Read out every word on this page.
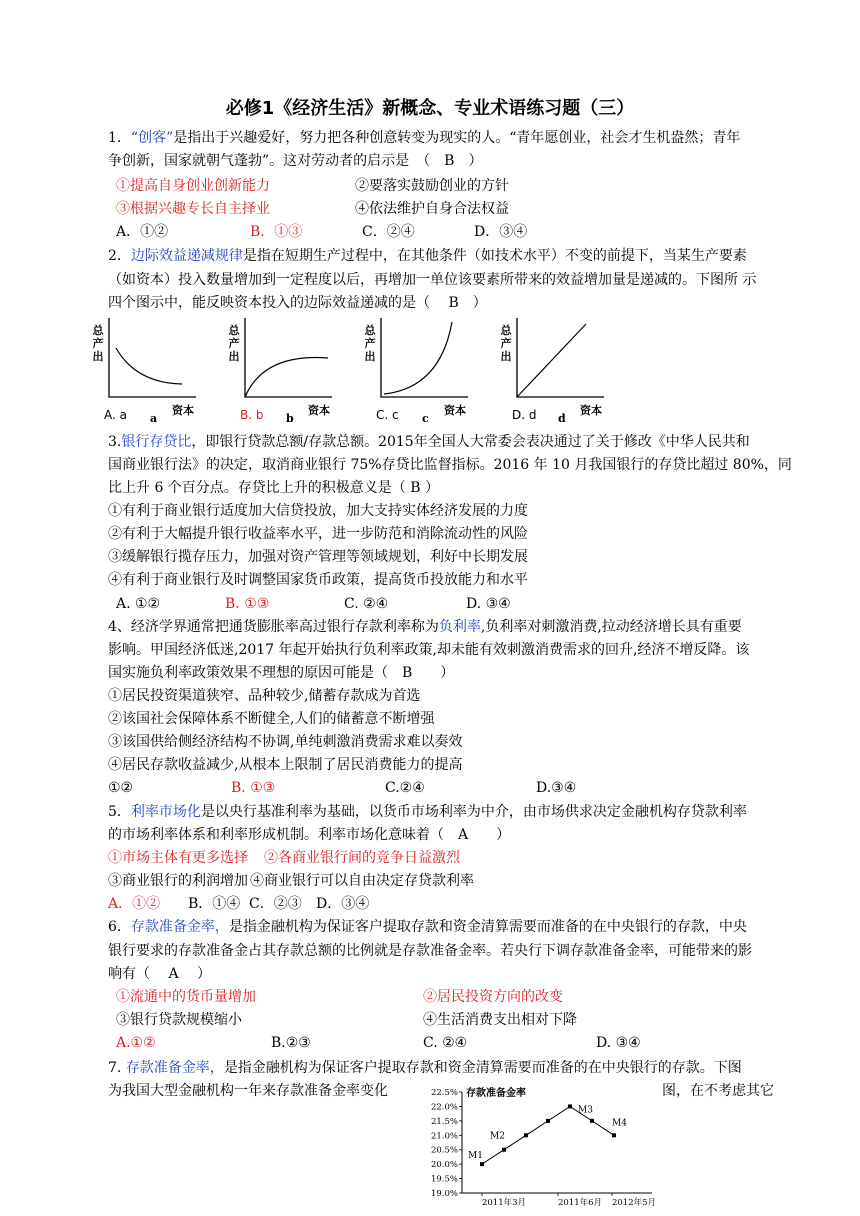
必修1《经济生活》新概念、专业术语练习题（三）
1．“创客”是指出于兴趣爱好，努力把各种创意转变为现实的人。“青年愿创业，社会才生机盎然；青年
争创新，国家就朝气蓬勃”。这对劳动者的启示是　（　B　）
①提高自身创业创新能力	②要落实鼓励创业的方针
③根据兴趣专长自主择业	④依法维护自身合法权益
A．①②	B．①③	C．②④	D．③④
2．边际效益递减规律是指在短期生产过程中，在其他条件（如技术水平）不变的前提下，当某生产要素
（如资本）投入数量增加到一定程度以后，再增加一单位该要素所带来的效益增加量是递减的。下图所 示
四个图示中，能反映资本投入的边际效益递减的是（　 B　）
总
产
出
资本
A. a a
总
产
出
资本
B. b b
总
产
出
资本
C. c c
总
产
出
资本
D. d d
3.银行存贷比，即银行贷款总额/存款总额。2015年全国人大常委会表决通过了关于修改《中华人民共和
国商业银行法》的决定，取消商业银行 75%存贷比监督指标。2016 年 10 月我国银行的存贷比超过 80%，同
比上升 6 个百分点。存贷比上升的积极意义是（ B ）
①有利于商业银行适度加大信贷投放，加大支持实体经济发展的力度
②有利于大幅提升银行收益率水平，进一步防范和消除流动性的风险
③缓解银行揽存压力，加强对资产管理等领域规划，利好中长期发展
④有利于商业银行及时调整国家货币政策，提高货币投放能力和水平
A. ①②	B. ①③	C. ②④	D. ③④
4、经济学界通常把通货膨胀率高过银行存款利率称为负利率,负利率对刺激消费,拉动经济增长具有重要
影响。甲国经济低迷,2017 年起开始执行负利率政策,却未能有效刺激消费需求的回升,经济不增反降。该
国实施负利率政策效果不理想的原因可能是（　B　　）
①居民投资渠道狭窄、品种较少,储蓄存款成为首选
②该国社会保障体系不断健全,人们的储蓄意不断增强
③该国供给侧经济结构不协调,单纯刺激消费需求难以奏效
④居民存款收益减少,从根本上限制了居民消费能力的提高
①②	B. ①③	C.②④	D.③④
5．利率市场化是以央行基准利率为基础，以货币市场利率为中介，由市场供求决定金融机构存贷款利率
的市场利率体系和利率形成机制。利率市场化意味着（　A　　）
①市场主体有更多选择 ②各商业银行间的竞争日益激烈
③商业银行的利润增加 ④商业银行可以自由决定存贷款利率
A．①② B．①④ C．②③ D．③④
6．存款准备金率，是指金融机构为保证客户提取存款和资金清算需要而准备的在中央银行的存款，中央
银行要求的存款准备金占其存款总额的比例就是存款准备金率。若央行下调存款准备金率，可能带来的影
响有（　 A　 ）
①流通中的货币量增加	②居民投资方向的改变
③银行贷款规模缩小	④生活消费支出相对下降
A.①②	B.②③	C. ②④	D. ③④
7. 存款准备金率，是指金融机构为保证客户提取存款和资金清算需要而准备的在中央银行的存款。下图
为我国大型金融机构一年来存款准备金率变化	图，在不考虑其它
22.5%
22.0%
21.5%
21.0%
20.5%
20.0%
19.5%
19.0%
存款准备金率
M1
M2
M3
M4
2011年3月	2011年6月 2012年5月
